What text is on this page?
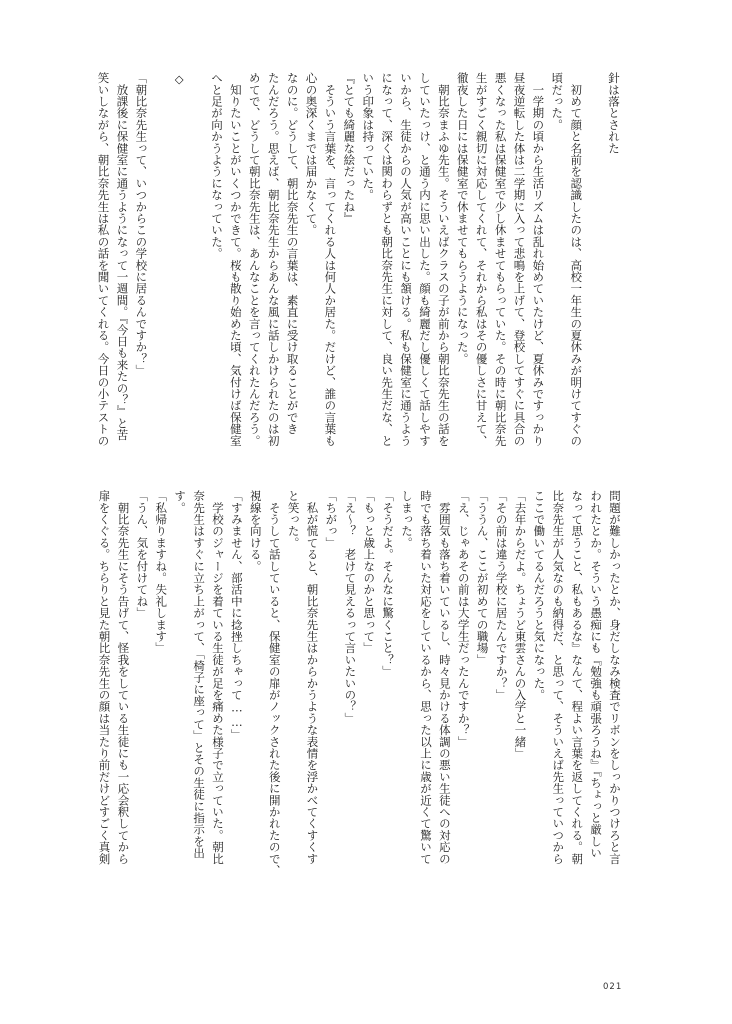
針は落とされた

　初めて顔と名前を認識したのは、高校一年生の夏休みが明けてすぐの

頃だった。

　一学期の頃から生活リズムは乱れ始めていたけど、夏休みですっかり

昼夜逆転した体は二学期に入って悲鳴を上げて、登校してすぐに具合の

悪くなった私は保健室で少し休ませてもらっていた。その時に朝比奈先

生がすごく親切に対応してくれて、それから私はその優しさに甘えて、

徹夜した日には保健室で休ませてもらうようになった。

　朝比奈まふゆ先生。そういえばクラスの子が前から朝比奈先生の話を

していたっけ、と通う内に思い出した。顔も綺麗だし優しくて話しやす

いから、生徒からの人気が高いことにも頷ける。私も保健室に通うよう

になって、深くは関わらずとも朝比奈先生に対して、良い先生だな、と

いう印象は持っていた。

『とても綺麗な絵だったね』

　そういう言葉を、言ってくれる人は何人か居た。だけど、誰の言葉も

心の奥深くまでは届かなくて。

なのに。どうして、朝比奈先生の言葉は、素直に受け取ることができ

たんだろう。思えば、朝比奈先生からあんな風に話しかけられたのは初

めてで、どうして朝比奈先生は、あんなことを言ってくれたんだろう。

　知りたいことがいくつかできて。桜も散り始めた頃、気付けば保健室

へと足が向かうようになっていた。

◇

「朝比奈先生って、いつからこの学校に居るんですか？」

　放課後に保健室に通うようになって一週間。『今日も来たの？』と苦

笑いしながら、朝比奈先生は私の話を聞いてくれる。今日の小テストの

問題が難しかったとか、身だしなみ検査でリボンをしっかりつけろと言

われたとか。そういう愚痴にも『勉強も頑張ろうね』『ちょっと厳しい

なって思うこと、私もあるな』なんて、程よい言葉を返してくれる。朝

比奈先生が人気なのも納得だ、と思って、そういえば先生っていつから

ここで働いてるんだろうと気になった。

「去年からだよ。ちょうど東雲さんの入学と一緒」

「その前は違う学校に居たんですか？」

「ううん、ここが初めての職場」

「え、じゃあその前は大学生だったんですか？」

　雰囲気も落ち着いているし、時々見かける体調の悪い生徒への対応の

時でも落ち着いた対応をしているから、思った以上に歳が近くて驚いて

しまった。

「そうだよ。そんなに驚くこと？」

「もっと歳上なのかと思って」

「え〜？　老けて見えるって言いたいの？」

「ちがっ」

　私が慌てると、朝比奈先生はからかうような表情を浮かべてくすくす

と笑った。

　そうして話していると、保健室の扉がノックされた後に開かれたので、

視線を向ける。

「すみません、部活中に捻挫しちゃって……」

　学校のジャージを着ている生徒が足を痛めた様子で立っていた。朝比

奈先生はすぐに立ち上がって、「椅子に座って」とその生徒に指示を出

す。

「私帰りますね。失礼します」

「うん、気を付けてね」

　朝比奈先生にそう告げて、怪我をしている生徒にも一応会釈してから

扉をくぐる。ちらりと見た朝比奈先生の顔は当たり前だけどすごく真剣

021
